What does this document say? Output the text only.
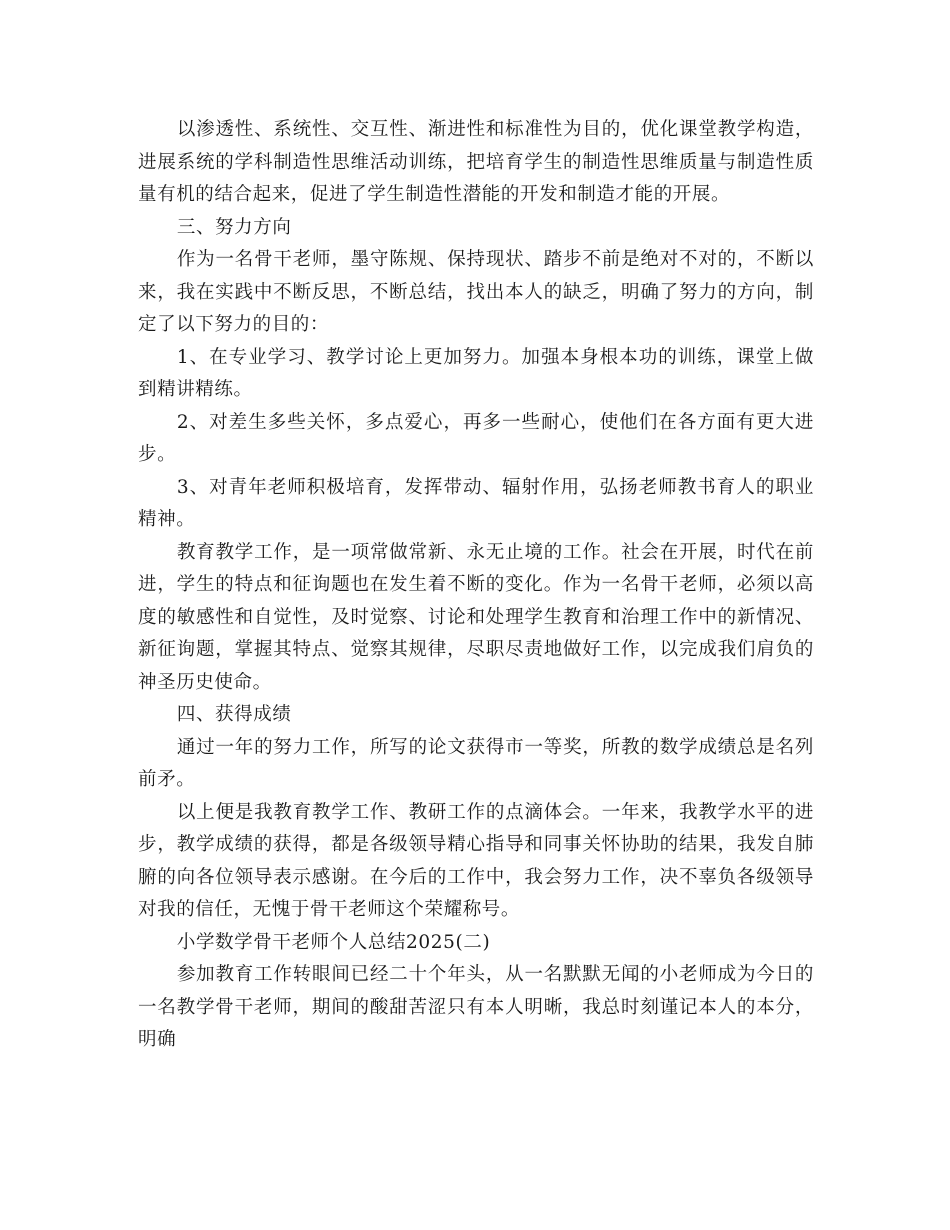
以渗透性、系统性、交互性、渐进性和标准性为目的，优化课堂教学构造，进展系统的学科制造性思维活动训练，把培育学生的制造性思维质量与制造性质量有机的结合起来，促进了学生制造性潜能的开发和制造才能的开展。

三、努力方向

作为一名骨干老师，墨守陈规、保持现状、踏步不前是绝对不对的，不断以来，我在实践中不断反思，不断总结，找出本人的缺乏，明确了努力的方向，制定了以下努力的目的：

1、在专业学习、教学讨论上更加努力。加强本身根本功的训练，课堂上做到精讲精练。

2、对差生多些关怀，多点爱心，再多一些耐心，使他们在各方面有更大进步。

3、对青年老师积极培育，发挥带动、辐射作用，弘扬老师教书育人的职业精神。

教育教学工作，是一项常做常新、永无止境的工作。社会在开展，时代在前进，学生的特点和征询题也在发生着不断的变化。作为一名骨干老师，必须以高度的敏感性和自觉性，及时觉察、讨论和处理学生教育和治理工作中的新情况、新征询题，掌握其特点、觉察其规律，尽职尽责地做好工作，以完成我们肩负的神圣历史使命。

四、获得成绩

通过一年的努力工作，所写的论文获得市一等奖，所教的数学成绩总是名列前矛。

以上便是我教育教学工作、教研工作的点滴体会。一年来，我教学水平的进步，教学成绩的获得，都是各级领导精心指导和同事关怀协助的结果，我发自肺腑的向各位领导表示感谢。在今后的工作中，我会努力工作，决不辜负各级领导对我的信任，无愧于骨干老师这个荣耀称号。

小学数学骨干老师个人总结2025(二)

参加教育工作转眼间已经二十个年头，从一名默默无闻的小老师成为今日的一名教学骨干老师，期间的酸甜苦涩只有本人明晰，我总时刻谨记本人的本分，明确
